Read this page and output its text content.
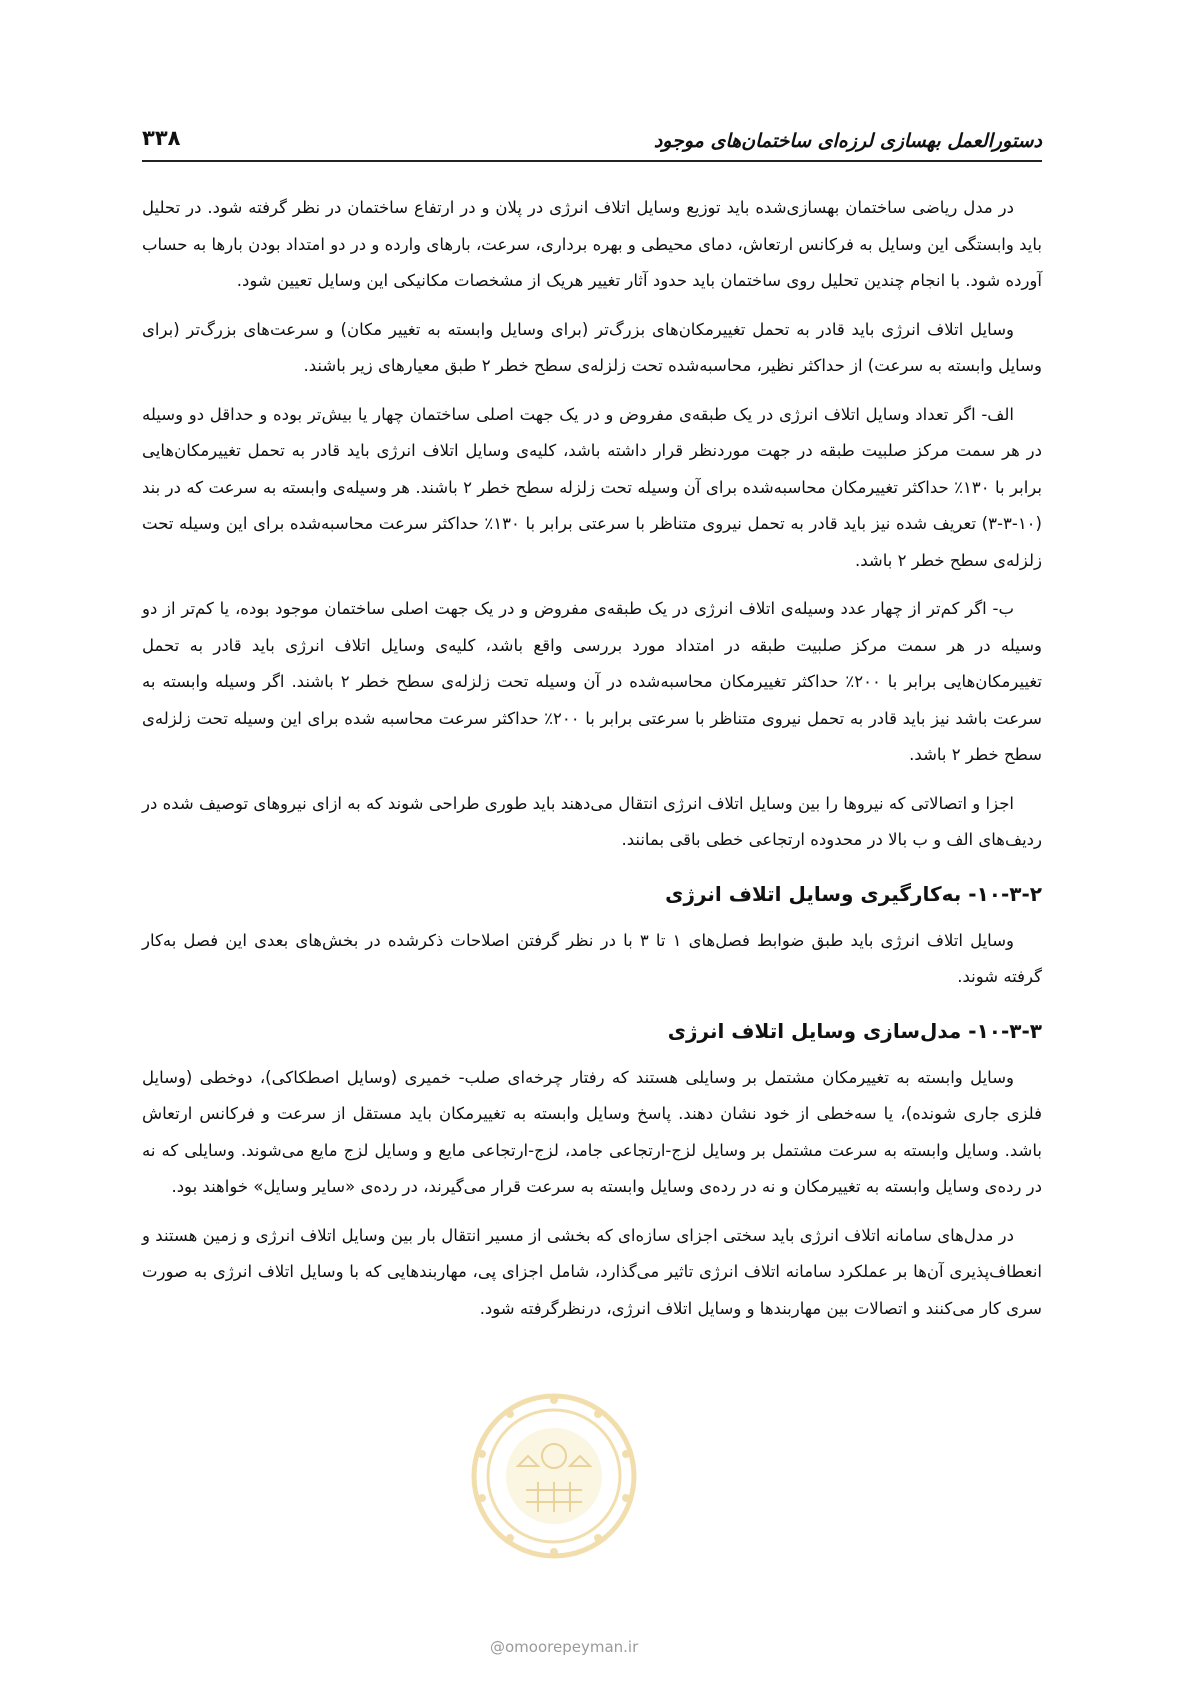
دستورالعمل بهسازی لرزه‌ای ساختمان‌های موجود
۳۳۸

در مدل ریاضی ساختمان بهسازی‌شده باید توزیع وسایل اتلاف انرژی در پلان و در ارتفاع ساختمان در نظر گرفته شود. در تحلیل باید وابستگی این وسایل به فرکانس ارتعاش، دمای محیطی و بهره برداری، سرعت، بارهای وارده و در دو امتداد بودن بارها به حساب آورده شود. با انجام چندین تحلیل روی ساختمان باید حدود آثار تغییر هریک از مشخصات مکانیکی این وسایل تعیین شود.

وسایل اتلاف انرژی باید قادر به تحمل تغییرمکان‌های بزرگ‌تر (برای وسایل وابسته به تغییر مکان) و سرعت‌های بزرگ‌تر (برای وسایل وابسته به سرعت) از حداکثر نظیر، محاسبه‌شده تحت زلزله‌ی سطح خطر ۲ طبق معیارهای زیر باشند.

الف- اگر تعداد وسایل اتلاف انرژی در یک طبقه‌ی مفروض و در یک جهت اصلی ساختمان چهار یا بیش‌تر بوده و حداقل دو وسیله در هر سمت مرکز صلبیت طبقه در جهت موردنظر قرار داشته باشد، کلیه‌ی وسایل اتلاف انرژی باید قادر به تحمل تغییرمکان‌هایی برابر با ۱۳۰٪ حداکثر تغییرمکان محاسبه‌شده برای آن وسیله تحت زلزله سطح خطر ۲ باشند. هر وسیله‌ی وابسته به سرعت که در بند (۱۰-۳-۳) تعریف شده نیز باید قادر به تحمل نیروی متناظر با سرعتی برابر با ۱۳۰٪ حداکثر سرعت محاسبه‌شده برای این وسیله تحت زلزله‌ی سطح خطر ۲ باشد.

ب- اگر کم‌تر از چهار عدد وسیله‌ی اتلاف انرژی در یک طبقه‌ی مفروض و در یک جهت اصلی ساختمان موجود بوده، یا کم‌تر از دو وسیله در هر سمت مرکز صلبیت طبقه در امتداد مورد بررسی واقع باشد، کلیه‌ی وسایل اتلاف انرژی باید قادر به تحمل تغییرمکان‌هایی برابر با ۲۰۰٪ حداکثر تغییرمکان محاسبه‌شده در آن وسیله تحت زلزله‌ی سطح خطر ۲ باشند. اگر وسیله وابسته به سرعت باشد نیز باید قادر به تحمل نیروی متناظر با سرعتی برابر با ۲۰۰٪ حداکثر سرعت محاسبه شده برای این وسیله تحت زلزله‌ی سطح خطر ۲ باشد.

اجزا و اتصالاتی که نیروها را بین وسایل اتلاف انرژی انتقال می‌دهند باید طوری طراحی شوند که به ازای نیروهای توصیف شده در ردیف‌های الف و ب بالا در محدوده ارتجاعی خطی باقی بمانند.

۱۰-۳-۲- به‌کارگیری وسایل اتلاف انرژی

وسایل اتلاف انرژی باید طبق ضوابط فصل‌های ۱ تا ۳ با در نظر گرفتن اصلاحات ذکرشده در بخش‌های بعدی این فصل به‌کار گرفته شوند.

۱۰-۳-۳- مدل‌سازی وسایل اتلاف انرژی

وسایل وابسته به تغییرمکان مشتمل بر وسایلی هستند که رفتار چرخه‌ای صلب- خمیری (وسایل اصطکاکی)، دوخطی (وسایل فلزی جاری شونده)، یا سه‌خطی از خود نشان دهند. پاسخ وسایل وابسته به تغییرمکان باید مستقل از سرعت و فرکانس ارتعاش باشد. وسایل وابسته به سرعت مشتمل بر وسایل لزج-ارتجاعی جامد، لزج-ارتجاعی مایع و وسایل لزج مایع می‌شوند. وسایلی که نه در رده‌ی وسایل وابسته به تغییرمکان و نه در رده‌ی وسایل وابسته به سرعت قرار می‌گیرند، در رده‌ی «سایر وسایل» خواهند بود.

در مدل‌های سامانه اتلاف انرژی باید سختی اجزای سازه‌ای که بخشی از مسیر انتقال بار بین وسایل اتلاف انرژی و زمین هستند و انعطاف‌پذیری آن‌ها بر عملکرد سامانه اتلاف انرژی تاثیر می‌گذارد، شامل اجزای پی، مهاربندهایی که با وسایل اتلاف انرژی به صورت سری کار می‌کنند و اتصالات بین مهاربندها و وسایل اتلاف انرژی، درنظرگرفته شود.

@omoorepeyman.ir
